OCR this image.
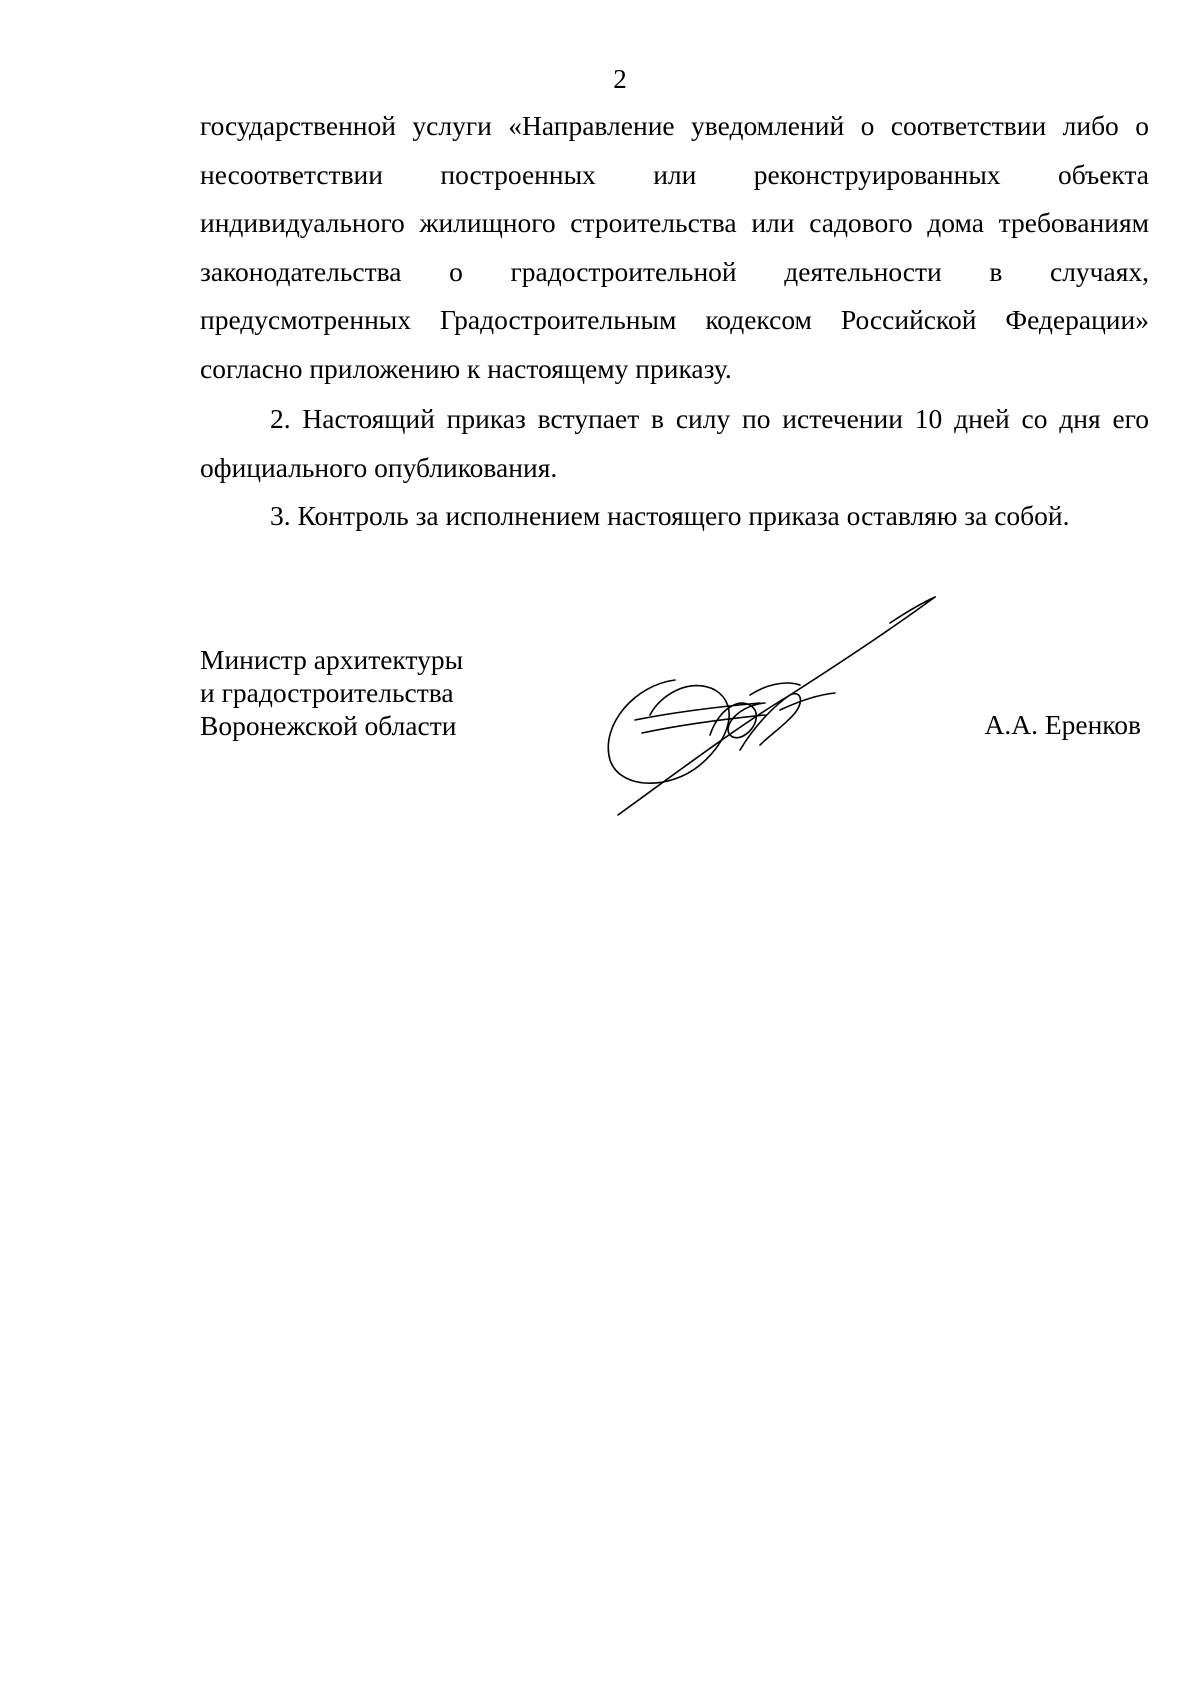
2
государственной услуги «Направление уведомлений о соответствии либо о
несоответствии построенных или реконструированных объекта
индивидуального жилищного строительства или садового дома требованиям
законодательства о градостроительной деятельности в случаях,
предусмотренных Градостроительным кодексом Российской Федерации»
согласно приложению к настоящему приказу.
2. Настоящий приказ вступает в силу по истечении 10 дней со дня его
официального опубликования.
3. Контроль за исполнением настоящего приказа оставляю за собой.
Министр архитектуры
и градостроительства
Воронежской области	А.А. Еренков
